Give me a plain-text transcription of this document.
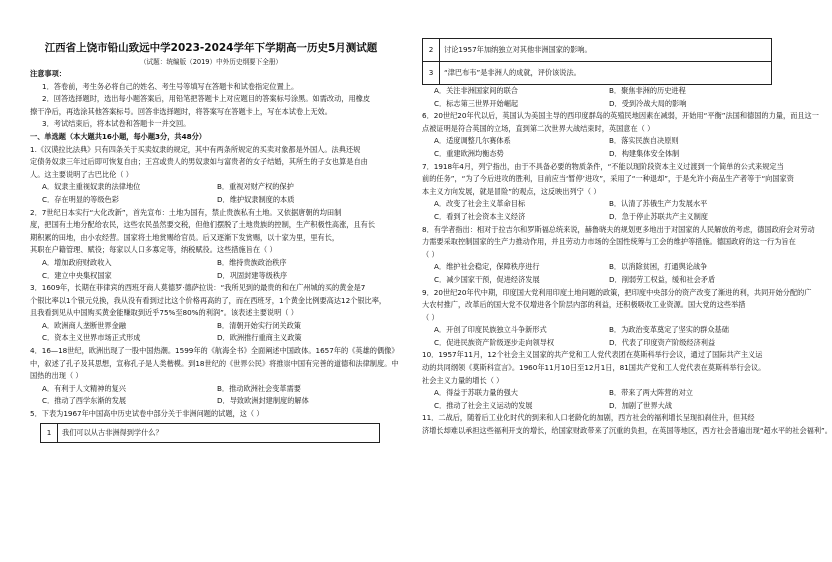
江西省上饶市铅山致远中学2023-2024学年下学期高一历史5月测试题
（试题：统编版（2019）中外历史纲要下全册）
注意事项：
1．答卷前，考生务必将自己的姓名、考生号等填写在答题卡和试卷指定位置上。
2．回答选择题时，选出每小题答案后，用铅笔把答题卡上对应题目的答案标号涂黑。如需改动，用橡皮
擦干净后，再选涂其他答案标号。回答非选择题时，将答案写在答题卡上，写在本试卷上无效。
3．考试结束后，将本试卷和答题卡一并交回。
一、单选题（本大题共16小题，每小题3分，共48分）
1.《汉谟拉比法典》只有四条关于买卖奴隶的规定，其中有两条所规定的买卖对象都是外国人。法典还规
定债务奴隶三年过后即可恢复自由；王宫或贵人的男奴隶如与富贵者的女子结婚，其所生的子女也算是自由
人。这主要说明了古巴比伦（ ）
A．奴隶主重视奴隶的法律地位	B．重视对财产权的保护
C．存在明显的等级色彩	D．维护奴隶制度的本质
2．7世纪日本实行“大化改新”，首先宣布：土地为国有，禁止贵族私有土地。又依据唐朝的均田制
度，把国有土地分配给农民，这些农民虽然要交税，但他们摆脱了土地贵族的控制，生产积极性高涨，且有长
期积累的田地，由小农经营。国家将土地赏赐给官员。后又逐渐下发赏赐，以十家为里，里有长，
其职在户籍管理、赋役；每家以人口多寡定等，纳税赋役。这些措施旨在（ ）
A．增加政府财政收入	B．维持贵族政治秩序
C．建立中央集权国家	D．巩固封建等级秩序
3．1609年，长期在菲律宾的西班牙商人莫德罗·德萨拉说：“我所见到的最贵的和在广州城的买的黄金是7
个银比率以1个银元兑换，我从没有看到过比这个价格再高的了，而在西班牙，1个黄金比例要高达12个银比率，
且我看到见从中国购买黄金能赚取到近乎75%至80%的利润”。该表述主要说明（ ）
A．欧洲商人垄断世界金融	B．清朝开始实行闭关政策
C．资本主义世界市场正式形成	D．欧洲推行重商主义政策
4．16—18世纪，欧洲出现了一股中国热潮。1599年的《航海全书》全面阐述中国政体。1657年的《英雄的偶像》
中，叙述了孔子及其思想，宣称孔子是人类楷模。到18世纪的《世界公民》将推崇中国有完善的道德和法律制度。中
国热的出现（ ）
A．有利于人文精神的复兴	B．推动欧洲社会变革需要
C．推动了西学东渐的发展	D．导致欧洲封建制度的解体
5．下表为1967年中国高中历史试卷中部分关于非洲问题的试题，这（ ）
1	我们可以从古非洲得到学什么？
2	讨论1957年加纳独立对其他非洲国家的影响。
3	“津巴布韦”是非洲人的成就，评价该说法。
A．关注非洲国家间的联合	B．聚焦非洲的历史进程
C．标志第三世界开始崛起	D．受到冷战大局的影响
6．20世纪20年代以后，英国认为美国主导的西印度群岛的英殖民地因素在减弱，开始用“平衡”法国和德国的力量，而且这一
点被证明是符合英国的立场，直到第二次世界大战结束时，英国意在（ ）
A．适度调整几尔赛体系	B．落实民族自决原则
C．重建欧洲均衡态势	D．构建集体安全体制
7．1918年4月，列宁指出，由于不具备必要的物质条件，“不能以现阶段资本主义过渡到一个简单的公式来规定当
前的任务”，“为了今后进攻的胜利，目前应当‘暂停’进攻”，采用了“一种退却”，于是允许小商品生产者等于“向国家资
本主义方向发展，就是冒险”的观点，这反映出列宁（ ）
A．改变了社会主义革命目标	B．认清了苏俄生产力发展水平
C．看到了社会资本主义经济	D．急于停止苏联共产主义制度
8．有学者指出：相对于拉吉尔和罗斯福总统来说，赫鲁晓夫的规划更多地出于对国家的人民解放的考虑，德国政府会对劳动
力需要采取控制国家的生产力推动作用，并且劳动力市场的全国性统筹与工会的维护等措施。德国政府的这一行为旨在
（ ）
A．维护社会稳定，保障秩序进行	B．以消除贫困，打通舆论战争
C．减少国家干预，促进经济发展	D．削弱劳工权益，缓和社会矛盾
9．20世纪20年代中期，印度国大党利用印度土地问题的政策，把印度中央部分的资产改变了渐进的利，共同开始分配的广
大农村推广，改革后的国大党不仅增进各个阶层内部的利益，还积极吸收工业资源。国大党的这些举措
（ ）
A．开创了印度民族独立斗争新形式	B．为政治变革奠定了坚实的群众基础
C．促进民族资产阶级逐步走向领导权	D．代表了印度资产阶级经济利益
10．1957年11月，12个社会主义国家的共产党和工人党代表团在莫斯科举行会议，通过了国际共产主义运
动的共同纲领《莫斯科宣言》。1960年11月10日至12月1日，81国共产党和工人党代表在莫斯科举行会议。
社会主义力量的增长（ ）
A．得益于苏联力量的强大	B．带来了两大阵营的对立
C．推动了社会主义运动的发展	D．加剧了世界大战
11．二战后，随着后工业化时代的到来和人口老龄化的加剧，西方社会的福利增长呈现扣刹住升，但其经
济增长却难以承担这些福利开支的增长，给国家财政带来了沉重的负担，在英国等地区，西方社会普遍出现“超水平的社会福利”。
